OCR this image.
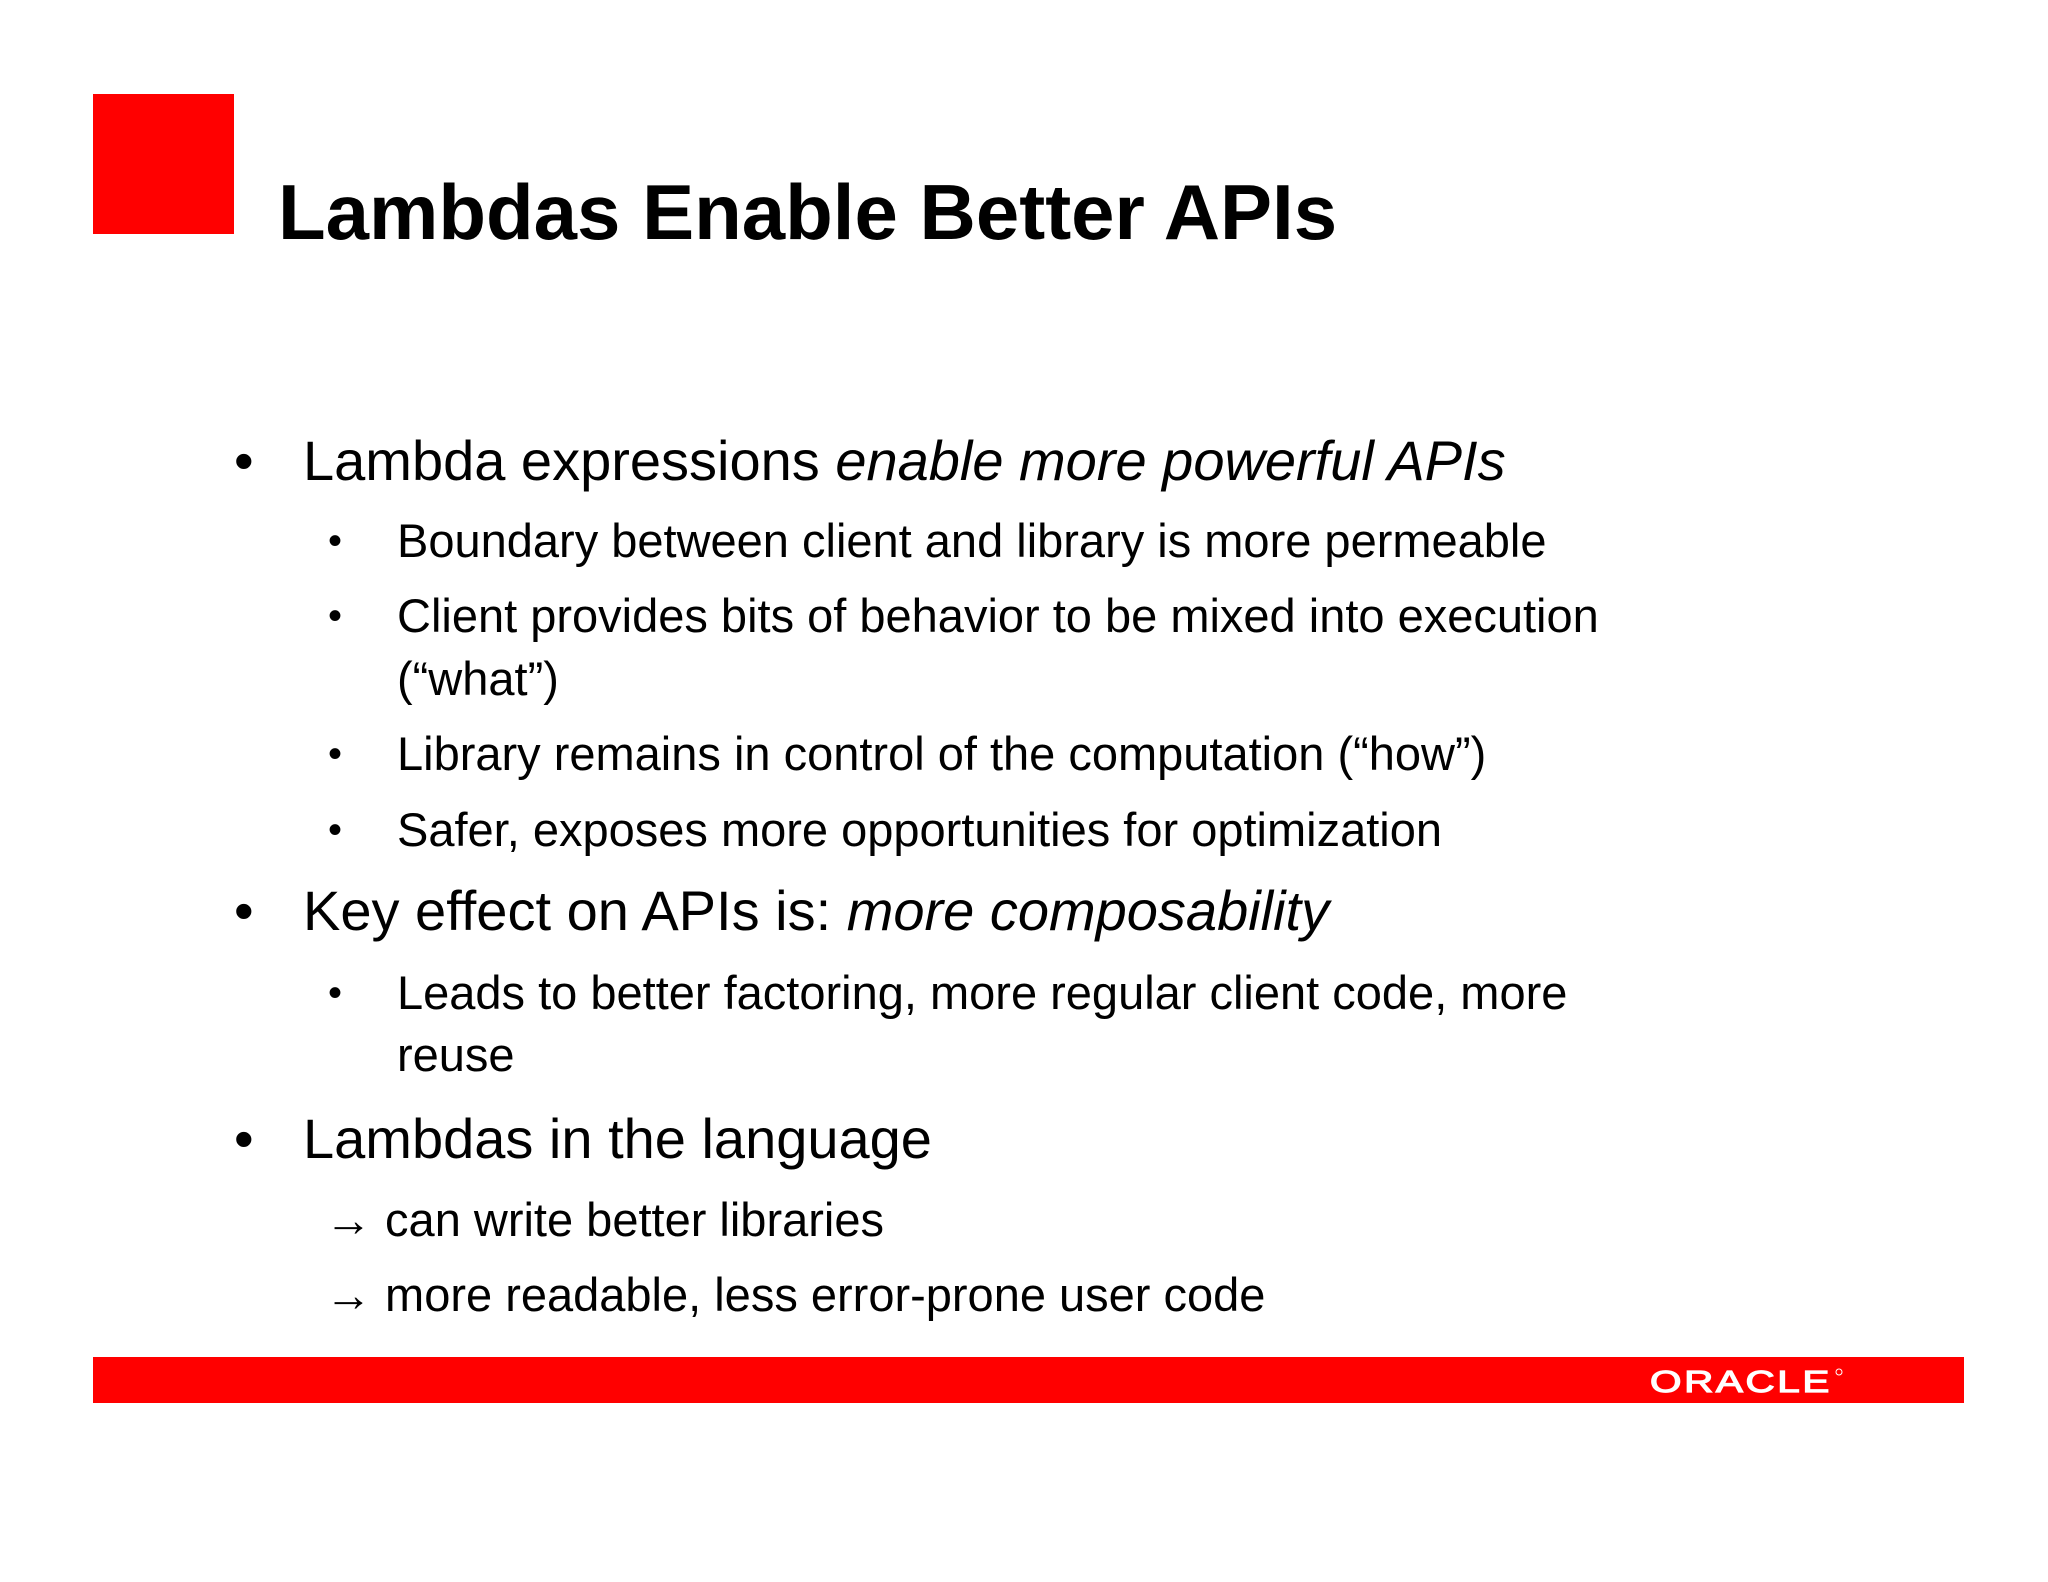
Lambdas Enable Better APIs
• Lambda expressions enable more powerful APIs
• Boundary between client and library is more permeable
• Client provides bits of behavior to be mixed into execution
(“what”)
• Library remains in control of the computation (“how”)
• Safer, exposes more opportunities for optimization
• Key effect on APIs is: more composability
• Leads to better factoring, more regular client code, more
reuse
• Lambdas in the language
→ can write better libraries
→ more readable, less error-prone user code
ORACLE
